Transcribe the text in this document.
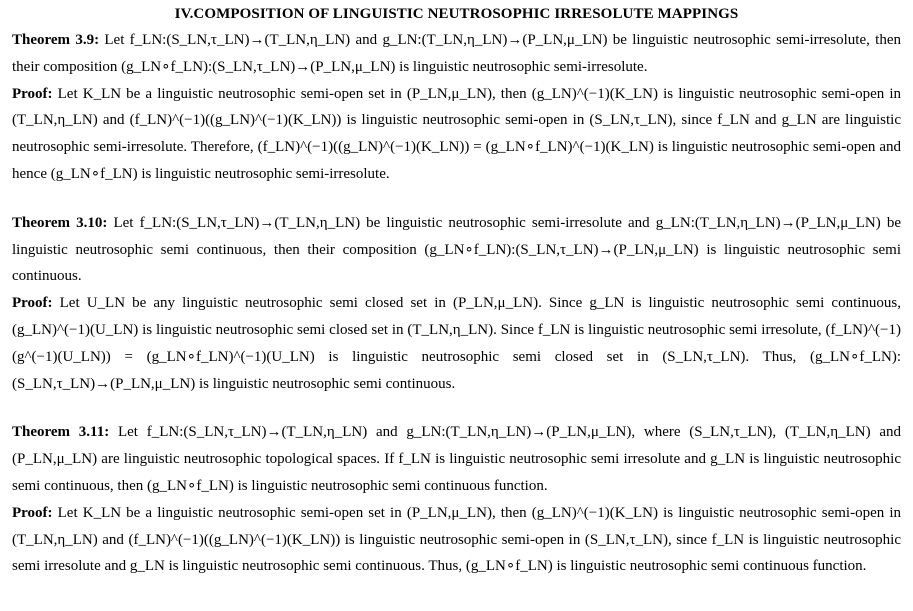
IV.COMPOSITION OF LINGUISTIC NEUTROSOPHIC IRRESOLUTE MAPPINGS

Theorem 3.9: Let f_LN:(S_LN,τ_LN)→(T_LN,η_LN) and g_LN:(T_LN,η_LN)→(P_LN,μ_LN) be linguistic neutrosophic semi-irresolute, then their composition (g_LN∘f_LN):(S_LN,τ_LN)→(P_LN,μ_LN) is linguistic neutrosophic semi-irresolute.

Proof: Let K_LN be a linguistic neutrosophic semi-open set in (P_LN,μ_LN), then (g_LN)^(−1)(K_LN) is linguistic neutrosophic semi-open in (T_LN,η_LN) and (f_LN)^(−1)((g_LN)^(−1)(K_LN)) is linguistic neutrosophic semi-open in (S_LN,τ_LN), since f_LN and g_LN are linguistic neutrosophic semi-irresolute. Therefore, (f_LN)^(−1)((g_LN)^(−1)(K_LN)) = (g_LN∘f_LN)^(−1)(K_LN) is linguistic neutrosophic semi-open and hence (g_LN∘f_LN) is linguistic neutrosophic semi-irresolute.

Theorem 3.10: Let f_LN:(S_LN,τ_LN)→(T_LN,η_LN) be linguistic neutrosophic semi-irresolute and g_LN:(T_LN,η_LN)→(P_LN,μ_LN) be linguistic neutrosophic semi continuous, then their composition (g_LN∘f_LN):(S_LN,τ_LN)→(P_LN,μ_LN) is linguistic neutrosophic semi continuous.

Proof: Let U_LN be any linguistic neutrosophic semi closed set in (P_LN,μ_LN). Since g_LN is linguistic neutrosophic semi continuous, (g_LN)^(−1)(U_LN) is linguistic neutrosophic semi closed set in (T_LN,η_LN). Since f_LN is linguistic neutrosophic semi irresolute, (f_LN)^(−1)(g^(−1)(U_LN)) = (g_LN∘f_LN)^(−1)(U_LN) is linguistic neutrosophic semi closed set in (S_LN,τ_LN). Thus, (g_LN∘f_LN):(S_LN,τ_LN)→(P_LN,μ_LN) is linguistic neutrosophic semi continuous.

Theorem 3.11: Let f_LN:(S_LN,τ_LN)→(T_LN,η_LN) and g_LN:(T_LN,η_LN)→(P_LN,μ_LN), where (S_LN,τ_LN), (T_LN,η_LN) and (P_LN,μ_LN) are linguistic neutrosophic topological spaces. If f_LN is linguistic neutrosophic semi irresolute and g_LN is linguistic neutrosophic semi continuous, then (g_LN∘f_LN) is linguistic neutrosophic semi continuous function.

Proof: Let K_LN be a linguistic neutrosophic semi-open set in (P_LN,μ_LN), then (g_LN)^(−1)(K_LN) is linguistic neutrosophic semi-open in (T_LN,η_LN) and (f_LN)^(−1)((g_LN)^(−1)(K_LN)) is linguistic neutrosophic semi-open in (S_LN,τ_LN), since f_LN is linguistic neutrosophic semi irresolute and g_LN is linguistic neutrosophic semi continuous. Thus, (g_LN∘f_LN) is linguistic neutrosophic semi continuous function.
